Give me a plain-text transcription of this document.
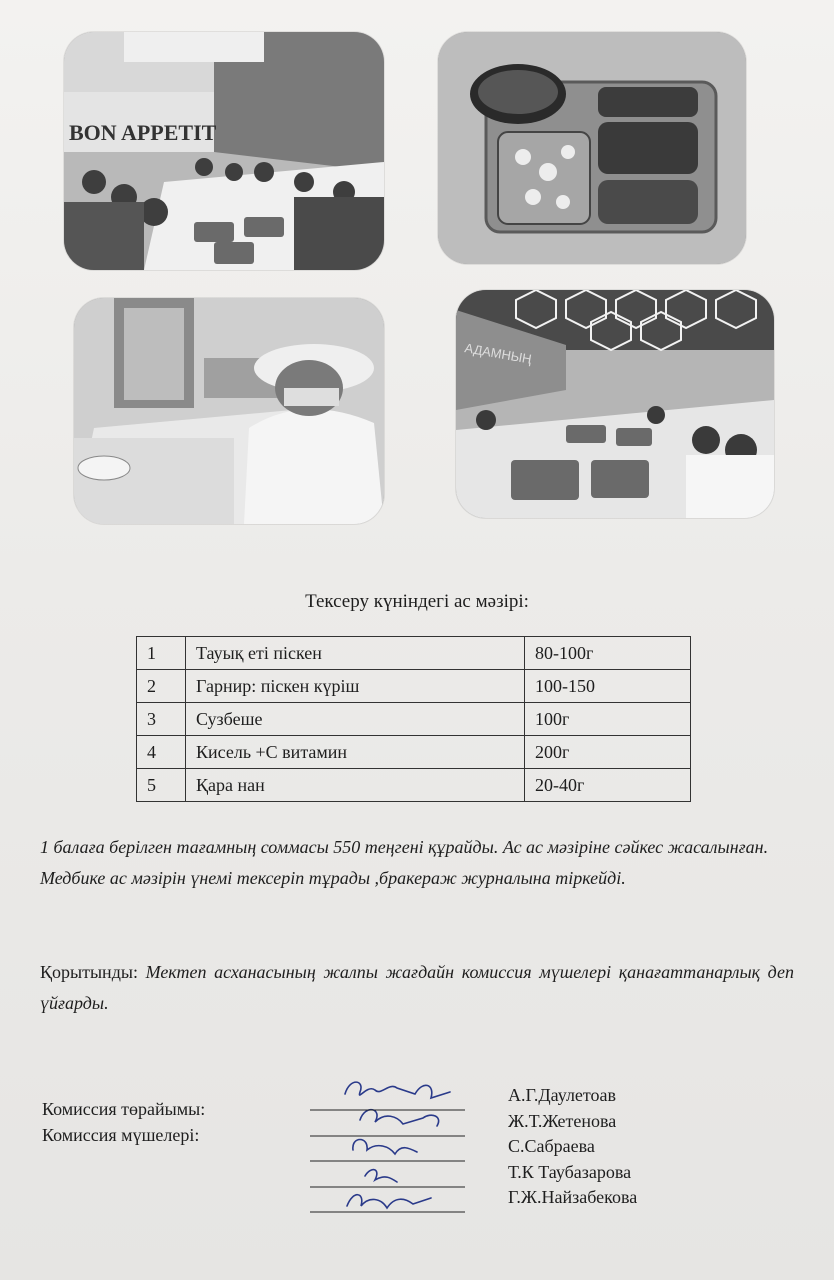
BON APPETIT
АДАМНЫҢ
Тексеру күніндегі ас мәзірі:
1	Тауық еті піскен	80-100г
2	Гарнир: піскен күріш	100-150
3	Сузбеше	100г
4	Кисель +С витамин	200г
5	Қара нан	20-40г
1 балаға берілген тағамның соммасы 550 теңгені құрайды. Ас ас мәзіріне сәйкес жасалынған. Медбике ас мәзірін үнемі тексеріп тұрады ,бракераж журналына тіркейді.
Қорытынды: Мектеп асханасының жалпы жағдайн комиссия мүшелері қанағаттанарлық деп үйғарды.
Комиссия төрайымы:
Комиссия мүшелері:
А.Г.Даулетоав
Ж.Т.Жетенова
С.Сабраева
Т.К Таубазарова
Г.Ж.Найзабекова
